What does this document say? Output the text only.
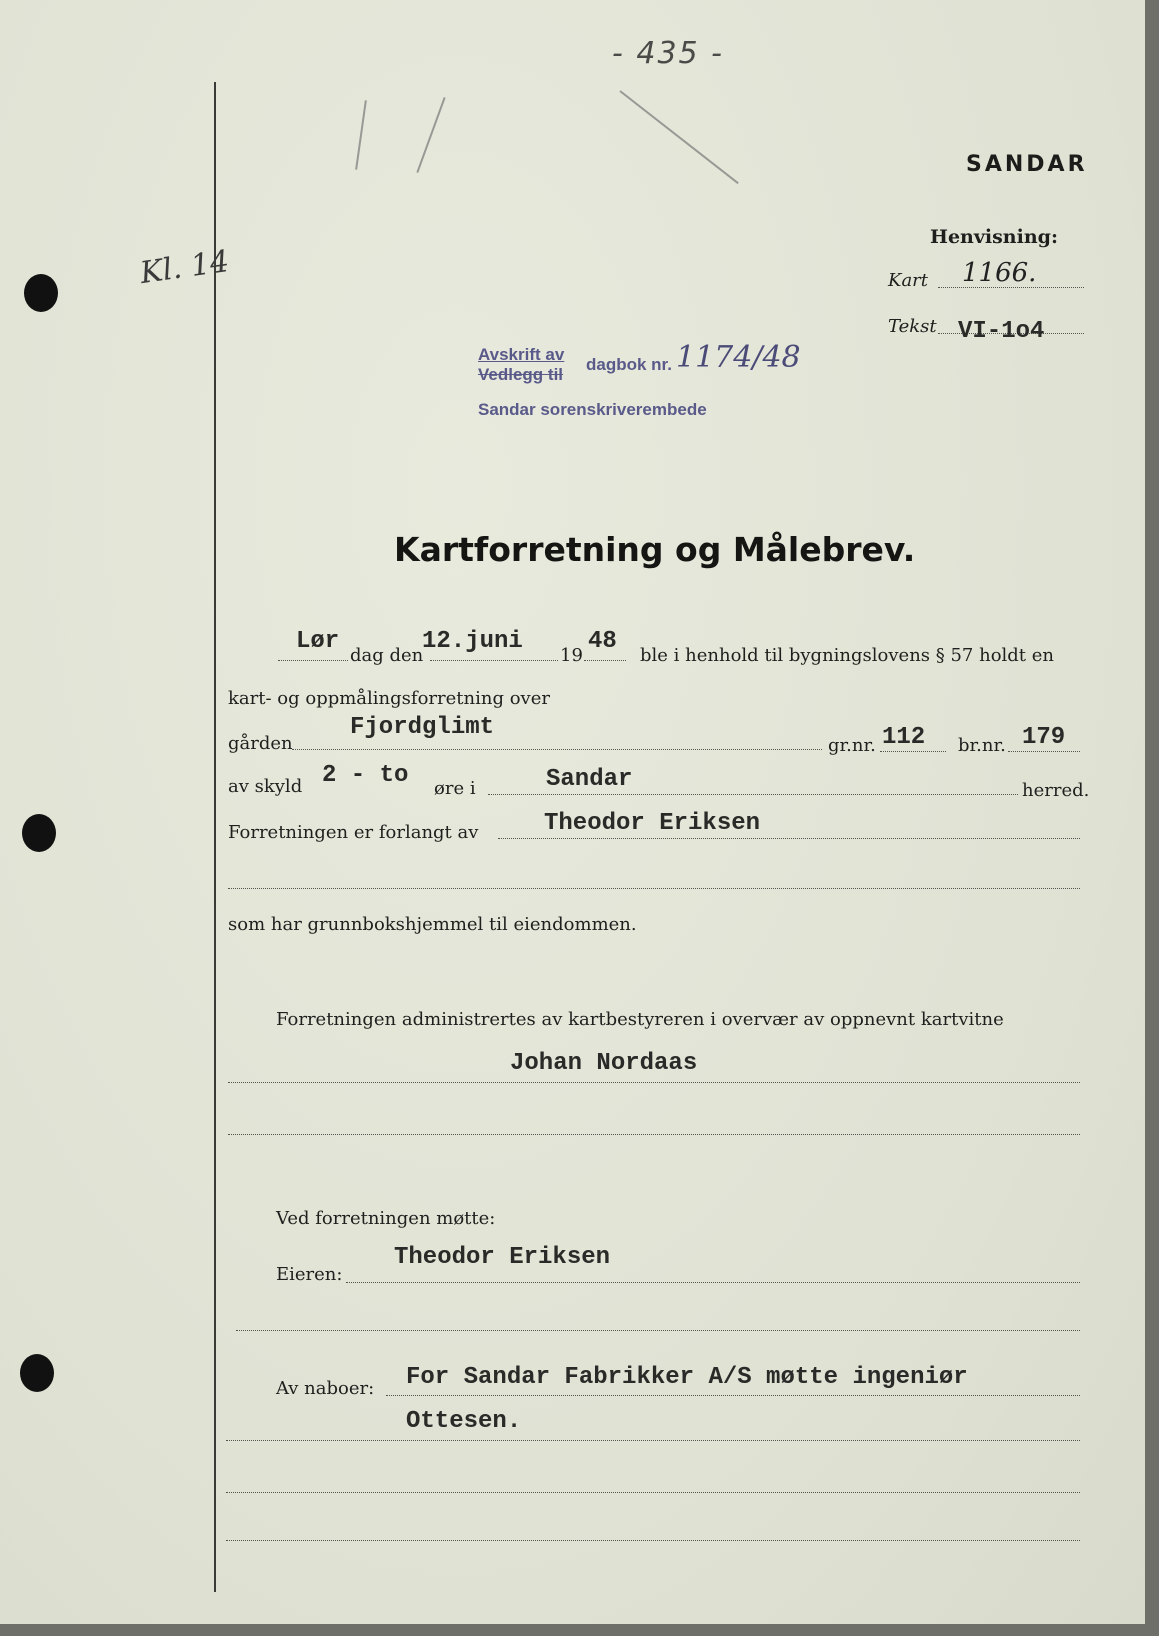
- 435 -
SANDAR
Henvisning:
Kart 1166.
Tekst VI-1o4
Kl. 14
Avskrift av
Vedlegg til
dagbok nr. 1174/48
Sandar sorenskriverembede
Kartforretning og Målebrev.
Lør
dag den
12.juni
19
48
ble i henhold til bygningslovens § 57 holdt en
kart- og oppmålingsforretning over
gården
Fjordglimt
gr.nr. 112 br.nr. 179
av skyld 2 - to øre i	Sandar	herred.
Forretningen er forlangt av	Theodor Eriksen
som har grunnbokshjemmel til eiendommen.
Forretningen administrertes av kartbestyreren i overvær av oppnevnt kartvitne
Johan Nordaas
Ved forretningen møtte:
Eieren:
Theodor Eriksen
Av naboer: For Sandar Fabrikker A/S møtte ingeniør
Ottesen.
